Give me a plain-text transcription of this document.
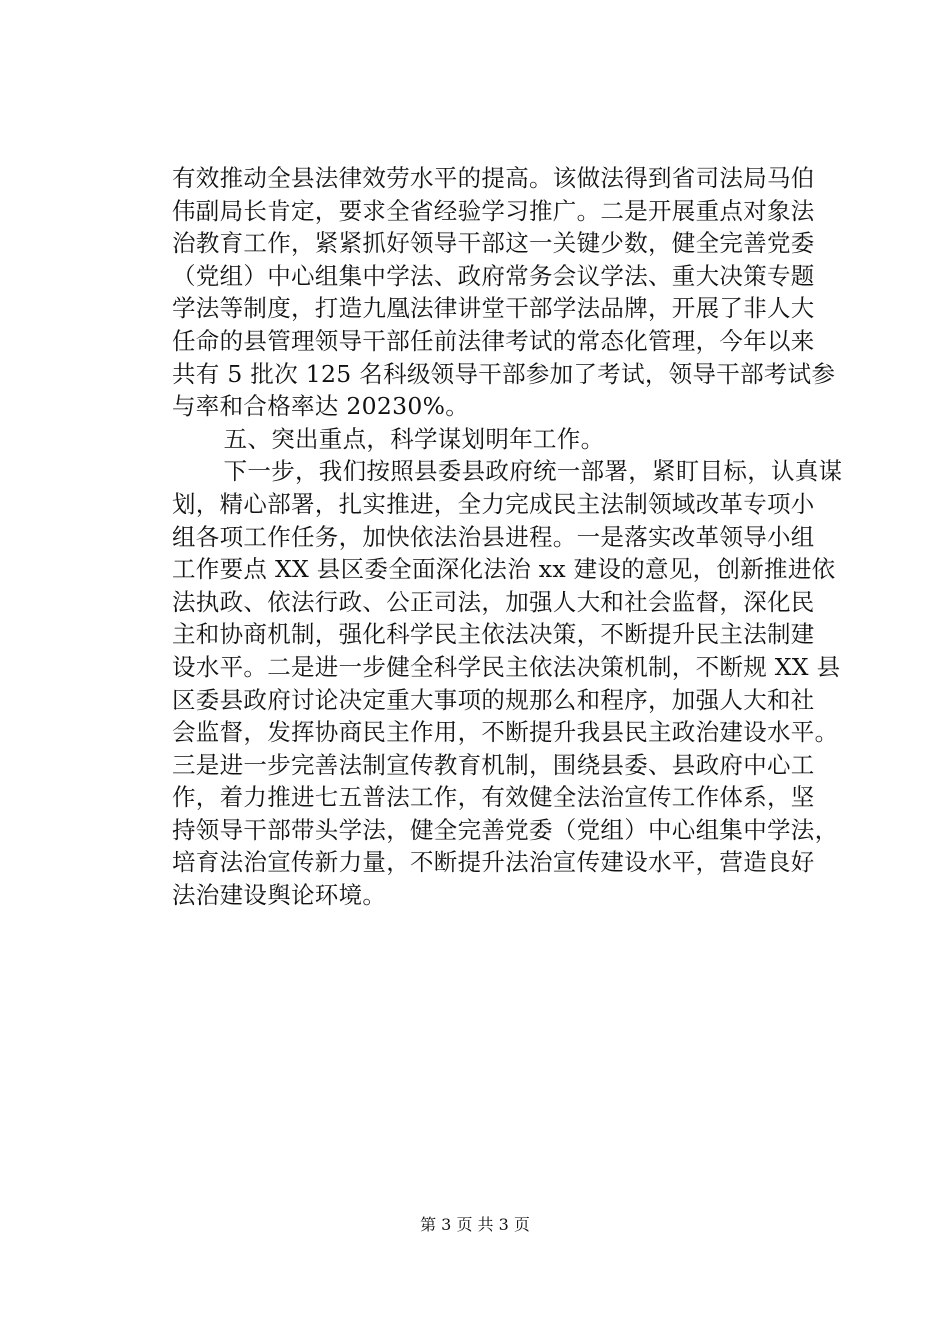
有效推动全县法律效劳水平的提高。该做法得到省司法局马伯
伟副局长肯定，要求全省经验学习推广。二是开展重点对象法
治教育工作，紧紧抓好领导干部这一关键少数，健全完善党委
（党组）中心组集中学法、政府常务会议学法、重大决策专题
学法等制度，打造九凰法律讲堂干部学法品牌，开展了非人大
任命的县管理领导干部任前法律考试的常态化管理，今年以来
共有 5 批次 125 名科级领导干部参加了考试，领导干部考试参
与率和合格率达 20230%。
　　五、突出重点，科学谋划明年工作。
　　下一步，我们按照县委县政府统一部署，紧盯目标，认真谋
划，精心部署，扎实推进，全力完成民主法制领域改革专项小
组各项工作任务，加快依法治县进程。一是落实改革领导小组
工作要点 XX 县区委全面深化法治 xx 建设的意见，创新推进依
法执政、依法行政、公正司法，加强人大和社会监督，深化民
主和协商机制，强化科学民主依法决策，不断提升民主法制建
设水平。二是进一步健全科学民主依法决策机制，不断规 XX 县
区委县政府讨论决定重大事项的规那么和程序，加强人大和社
会监督，发挥协商民主作用，不断提升我县民主政治建设水平。
三是进一步完善法制宣传教育机制，围绕县委、县政府中心工
作，着力推进七五普法工作，有效健全法治宣传工作体系，坚
持领导干部带头学法，健全完善党委（党组）中心组集中学法，
培育法治宣传新力量，不断提升法治宣传建设水平，营造良好
法治建设舆论环境。
第 3 页 共 3 页
